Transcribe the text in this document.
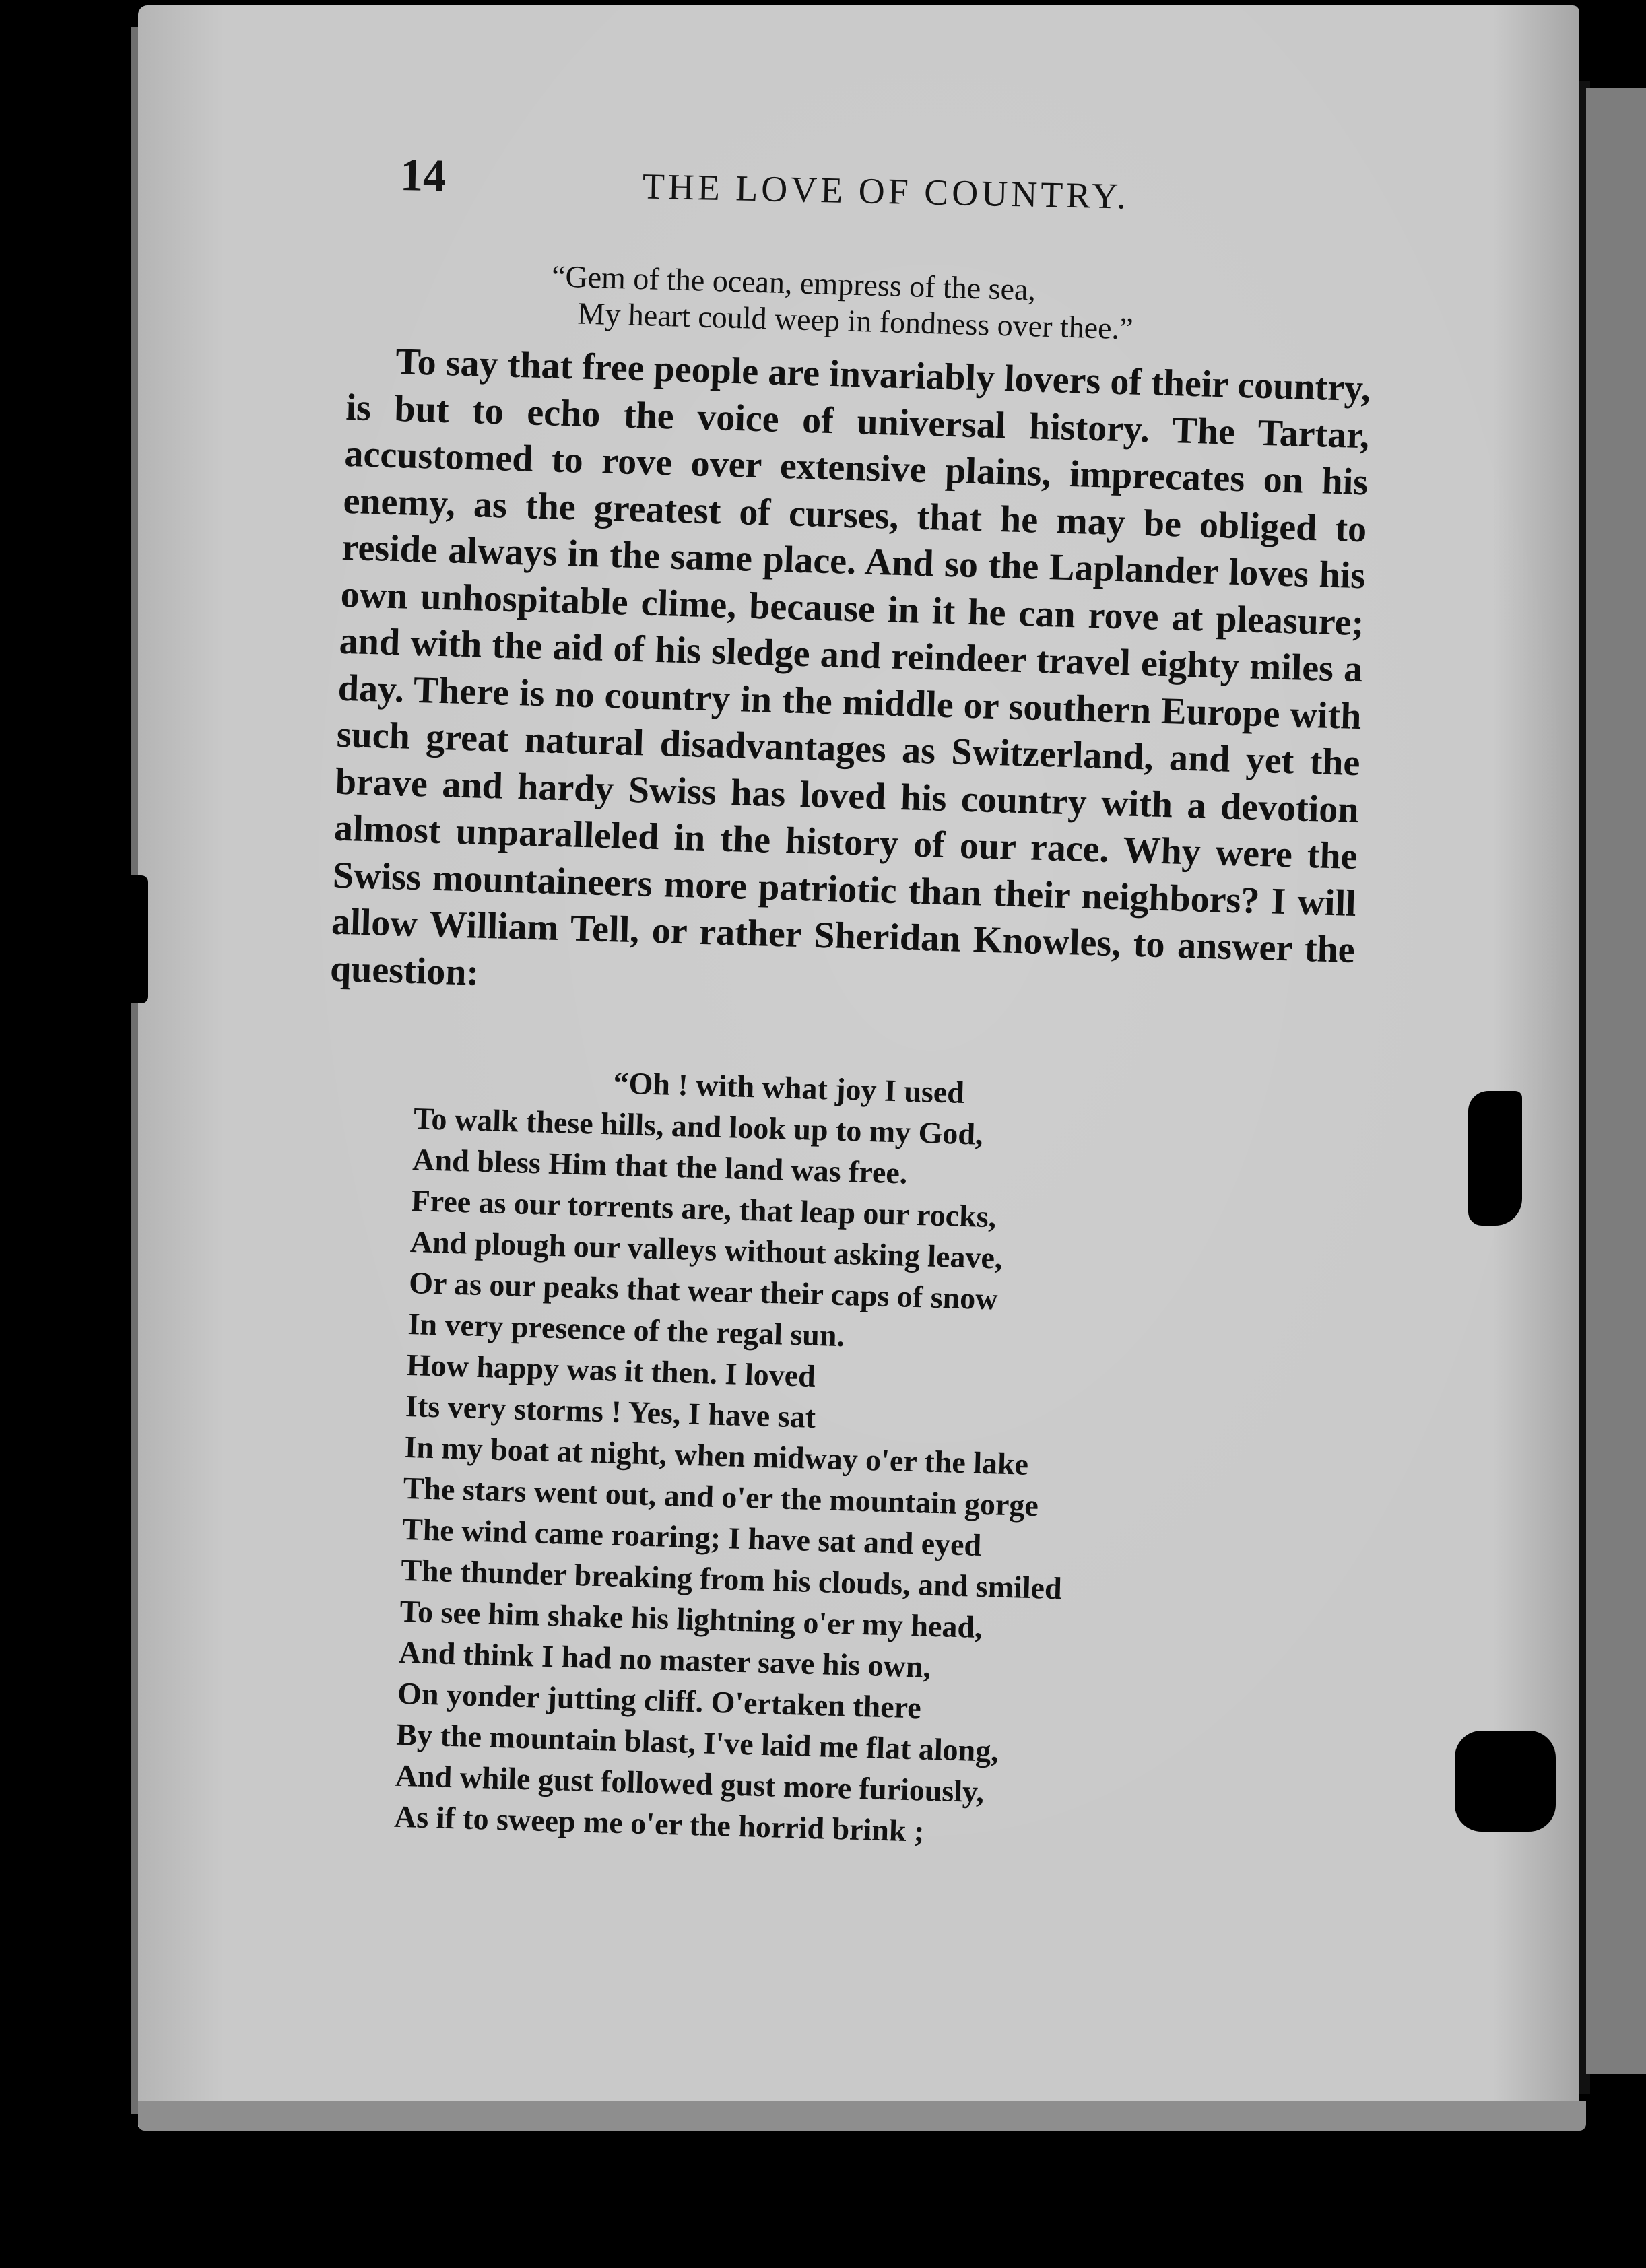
14	THE LOVE OF COUNTRY.
“Gem of the ocean, empress of the sea,
My heart could weep in fondness over thee.”

To say that free people are invariably lovers of their country, is but to echo the voice of universal history. The Tartar, accustomed to rove over extensive plains, imprecates on his enemy, as the greatest of curses, that he may be obliged to reside always in the same place. And so the Laplander loves his own unhospitable clime, because in it he can rove at pleasure; and with the aid of his sledge and reindeer travel eighty miles a day. There is no country in the middle or southern Europe with such great natural disadvantages as Switzerland, and yet the brave and hardy Swiss has loved his country with a devotion almost unparalleled in the history of our race. Why were the Swiss mountaineers more patriotic than their neighbors? I will allow William Tell, or rather Sheridan Knowles, to answer the question:

“Oh ! with what joy I used
To walk these hills, and look up to my God,
And bless Him that the land was free.
Free as our torrents are, that leap our rocks,
And plough our valleys without asking leave,
Or as our peaks that wear their caps of snow
In very presence of the regal sun.
How happy was it then. I loved
Its very storms ! Yes, I have sat
In my boat at night, when midway o'er the lake
The stars went out, and o'er the mountain gorge
The wind came roaring; I have sat and eyed
The thunder breaking from his clouds, and smiled
To see him shake his lightning o'er my head,
And think I had no master save his own,
On yonder jutting cliff. O'ertaken there
By the mountain blast, I've laid me flat along,
And while gust followed gust more furiously,
As if to sweep me o'er the horrid brink ;
